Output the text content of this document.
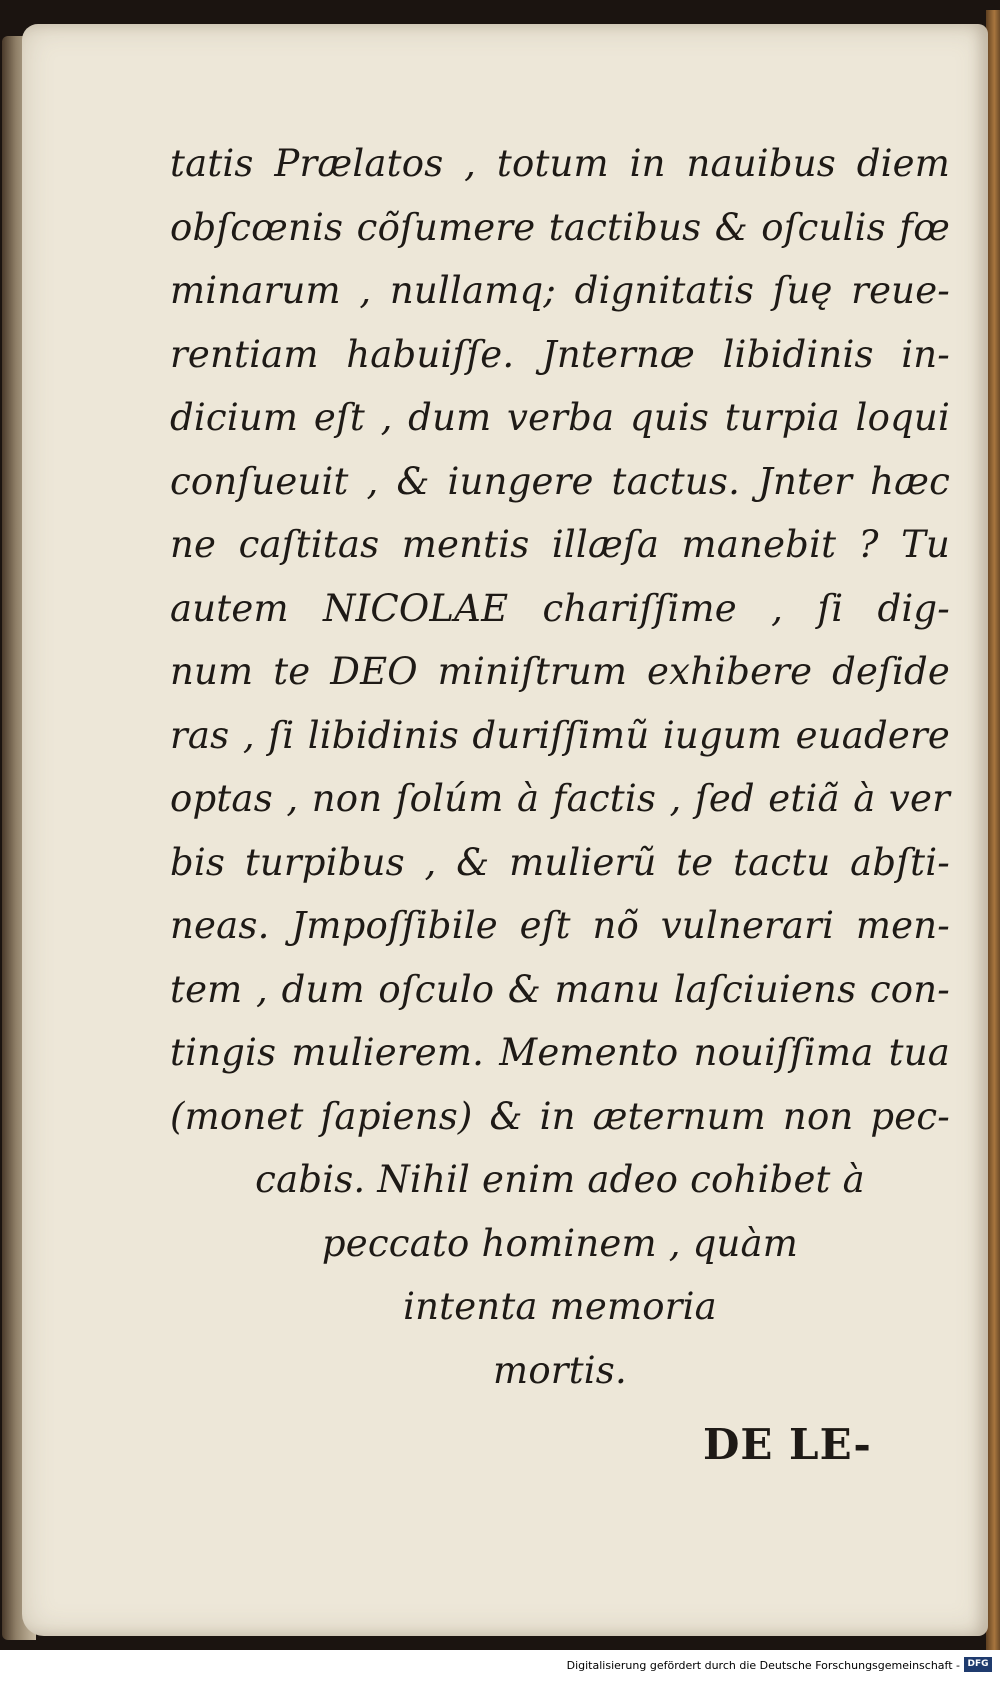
tatis Prælatos , totum in nauibus diem
obſcœnis cõſumere tactibus & oſculis fœ
minarum , nullamq; dignitatis ſuę reue-
rentiam habuiſſe. Jnternæ libidinis in-
dicium eſt , dum verba quis turpia loqui
conſueuit , & iungere tactus. Jnter hæc
ne caſtitas mentis illæſa manebit ? Tu
autem NICOLAE chariſſime , ſi dig-
num te DEO miniſtrum exhibere deſide
ras , ſi libidinis duriſſimũ iugum euadere
optas , non ſolúm à factis , ſed etiã à ver
bis turpibus , & mulierũ te tactu abſti-
neas. Jmpoſſibile eſt nõ vulnerari men-
tem , dum oſculo & manu laſciuiens con-
tingis mulierem. Memento nouiſſima tua
(monet ſapiens) & in æternum non pec-
cabis. Nihil enim adeo cohibet à
peccato hominem , quàm
intenta memoria
mortis.
DE LE-
Digitalisierung gefördert durch die Deutsche Forschungsgemeinschaft - DFG
